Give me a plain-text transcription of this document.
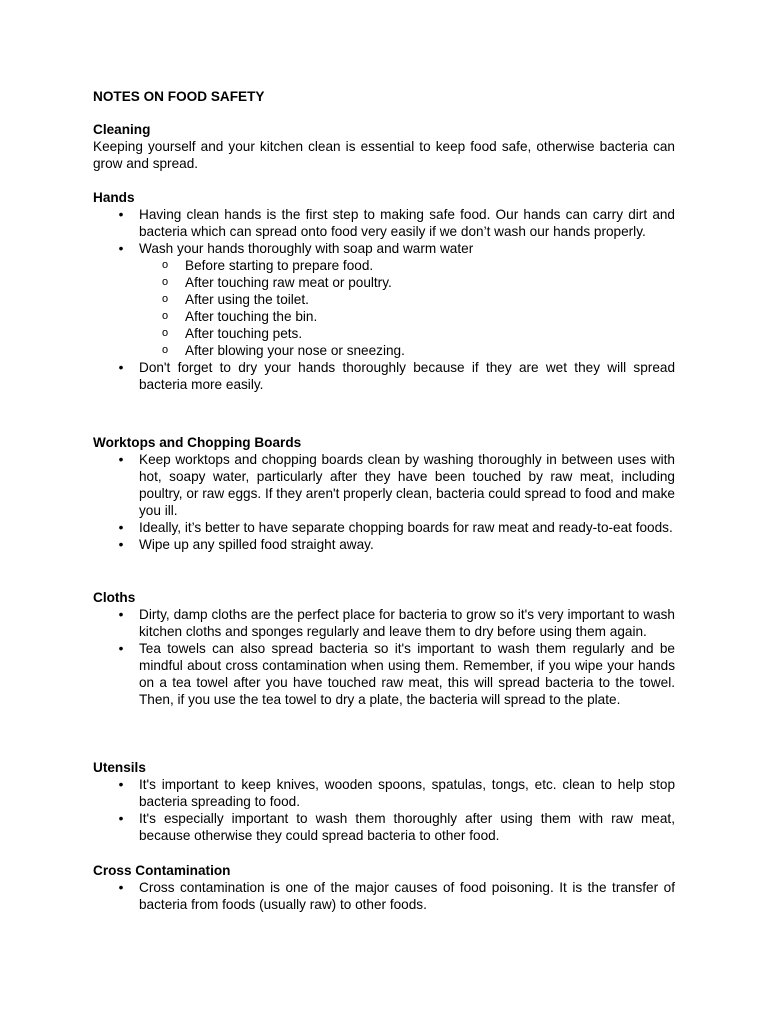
NOTES ON FOOD SAFETY

Cleaning

Keeping yourself and your kitchen clean is essential to keep food safe, otherwise bacteria can grow and spread.

Hands

• Having clean hands is the first step to making safe food. Our hands can carry dirt and bacteria which can spread onto food very easily if we don’t wash our hands properly.
• Wash your hands thoroughly with soap and warm water
o Before starting to prepare food.
o After touching raw meat or poultry.
o After using the toilet.
o After touching the bin.
o After touching pets.
o After blowing your nose or sneezing.
• Don't forget to dry your hands thoroughly because if they are wet they will spread bacteria more easily.

Worktops and Chopping Boards

• Keep worktops and chopping boards clean by washing thoroughly in between uses with hot, soapy water, particularly after they have been touched by raw meat, including poultry, or raw eggs. If they aren't properly clean, bacteria could spread to food and make you ill.
• Ideally, it’s better to have separate chopping boards for raw meat and ready-to-eat foods.
• Wipe up any spilled food straight away.

Cloths

• Dirty, damp cloths are the perfect place for bacteria to grow so it's very important to wash kitchen cloths and sponges regularly and leave them to dry before using them again.
• Tea towels can also spread bacteria so it's important to wash them regularly and be mindful about cross contamination when using them. Remember, if you wipe your hands on a tea towel after you have touched raw meat, this will spread bacteria to the towel. Then, if you use the tea towel to dry a plate, the bacteria will spread to the plate.

Utensils

• It's important to keep knives, wooden spoons, spatulas, tongs, etc. clean to help stop bacteria spreading to food.
• It's especially important to wash them thoroughly after using them with raw meat, because otherwise they could spread bacteria to other food.

Cross Contamination

• Cross contamination is one of the major causes of food poisoning. It is the transfer of bacteria from foods (usually raw) to other foods.
